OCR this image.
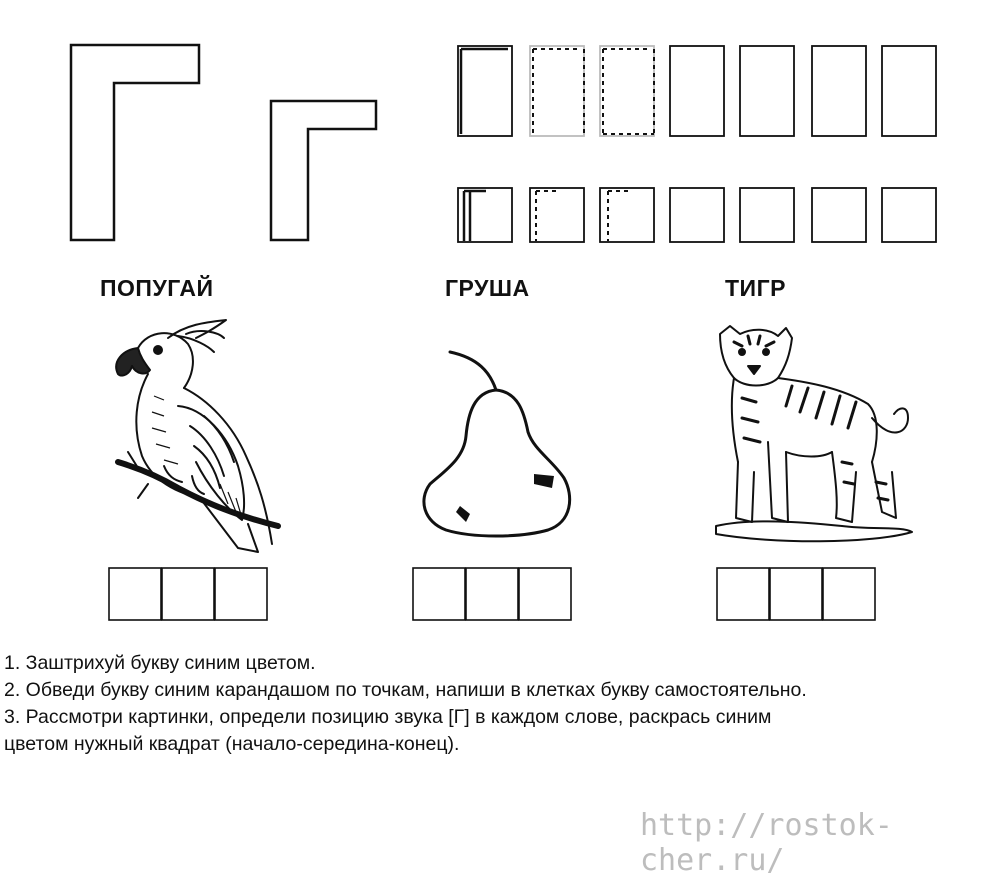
ПОПУГАЙ	ГРУША	ТИГР

1. Заштрихуй букву синим цветом.

2. Обведи букву синим карандашом по точкам, напиши в клетках букву самостоятельно.

3. Рассмотри картинки, определи позицию звука [Г] в каждом слове, раскрась синим

цветом нужный квадрат (начало-середина-конец).

http://rostok-cher.ru/
